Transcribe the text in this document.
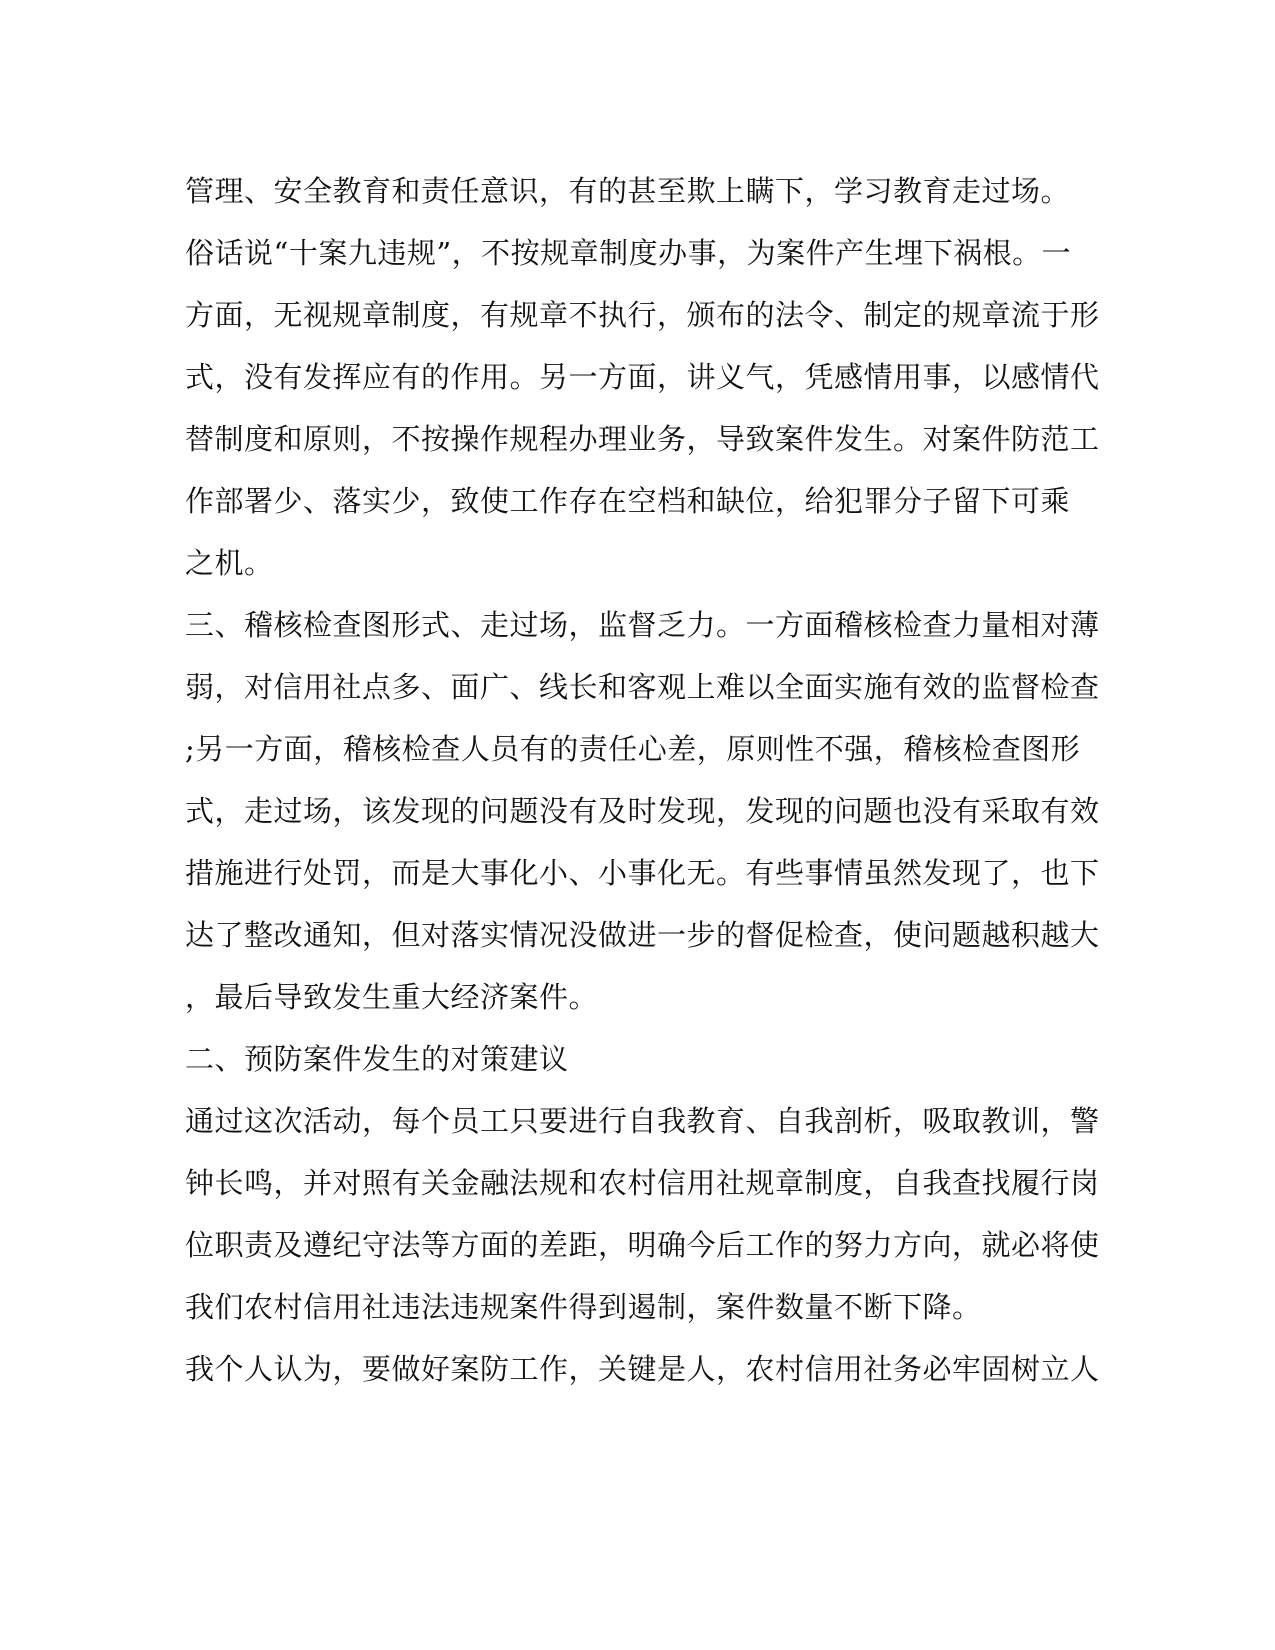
管理、安全教育和责任意识，有的甚至欺上瞒下，学习教育走过场。
俗话说“十案九违规”，不按规章制度办事，为案件产生埋下祸根。一
方面，无视规章制度，有规章不执行，颁布的法令、制定的规章流于形
式，没有发挥应有的作用。另一方面，讲义气，凭感情用事，以感情代
替制度和原则，不按操作规程办理业务，导致案件发生。对案件防范工
作部署少、落实少，致使工作存在空档和缺位，给犯罪分子留下可乘
之机。
三、稽核检查图形式、走过场，监督乏力。一方面稽核检查力量相对薄
弱，对信用社点多、面广、线长和客观上难以全面实施有效的监督检查
;另一方面，稽核检查人员有的责任心差，原则性不强，稽核检查图形
式，走过场，该发现的问题没有及时发现，发现的问题也没有采取有效
措施进行处罚，而是大事化小、小事化无。有些事情虽然发现了，也下
达了整改通知，但对落实情况没做进一步的督促检查，使问题越积越大
，最后导致发生重大经济案件。
二、预防案件发生的对策建议
通过这次活动，每个员工只要进行自我教育、自我剖析，吸取教训，警
钟长鸣，并对照有关金融法规和农村信用社规章制度，自我查找履行岗
位职责及遵纪守法等方面的差距，明确今后工作的努力方向，就必将使
我们农村信用社违法违规案件得到遏制，案件数量不断下降。
我个人认为，要做好案防工作，关键是人，农村信用社务必牢固树立人
